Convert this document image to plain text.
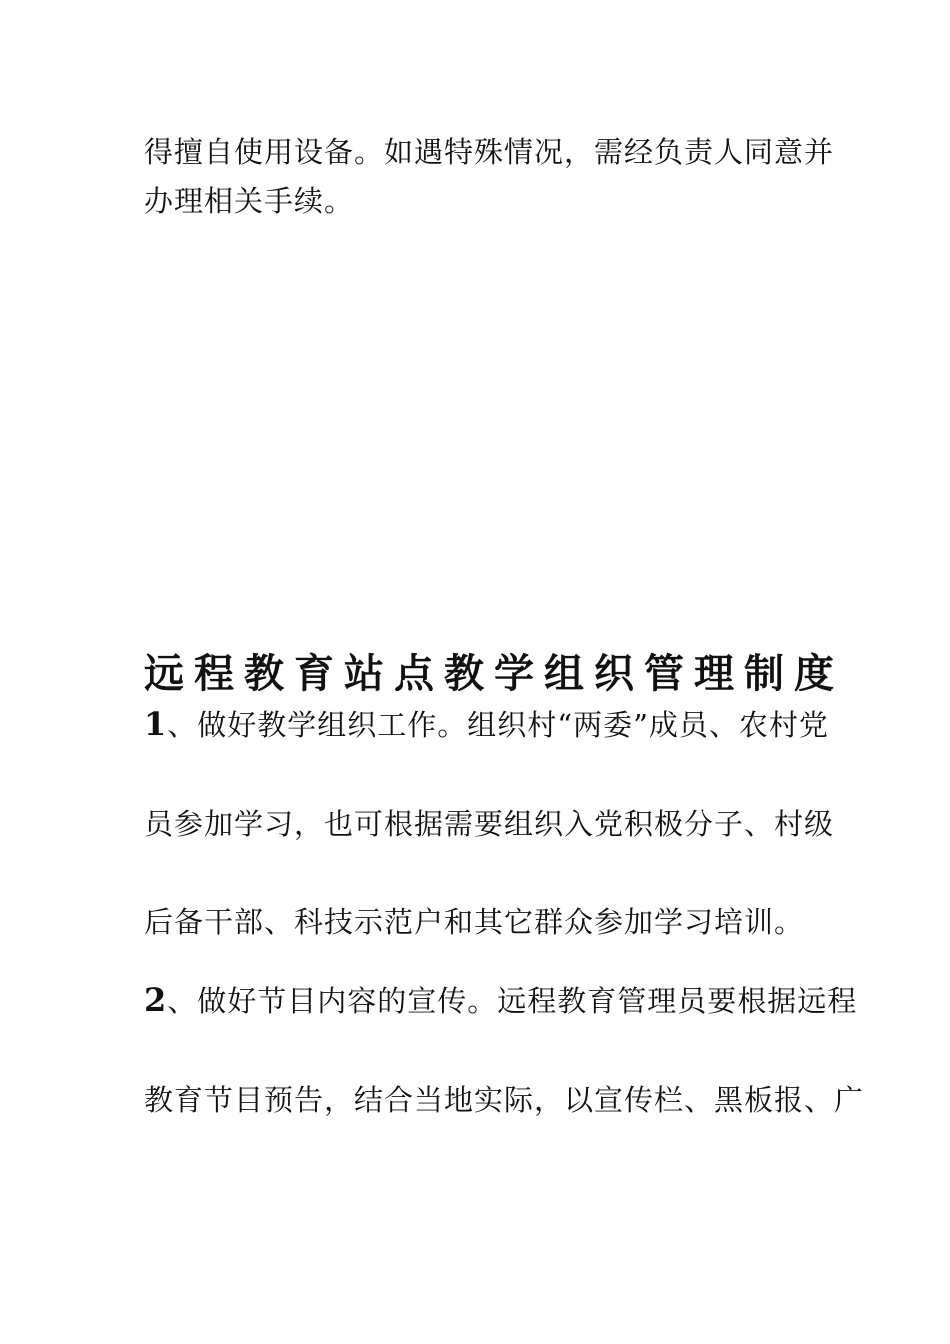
得擅自使用设备。如遇特殊情况，需经负责人同意并
办理相关手续。
远程教育站点教学组织管理制度
1、做好教学组织工作。组织村“两委”成员、农村党
员参加学习，也可根据需要组织入党积极分子、村级
后备干部、科技示范户和其它群众参加学习培训。
2、做好节目内容的宣传。远程教育管理员要根据远程
教育节目预告，结合当地实际，以宣传栏、黑板报、广
